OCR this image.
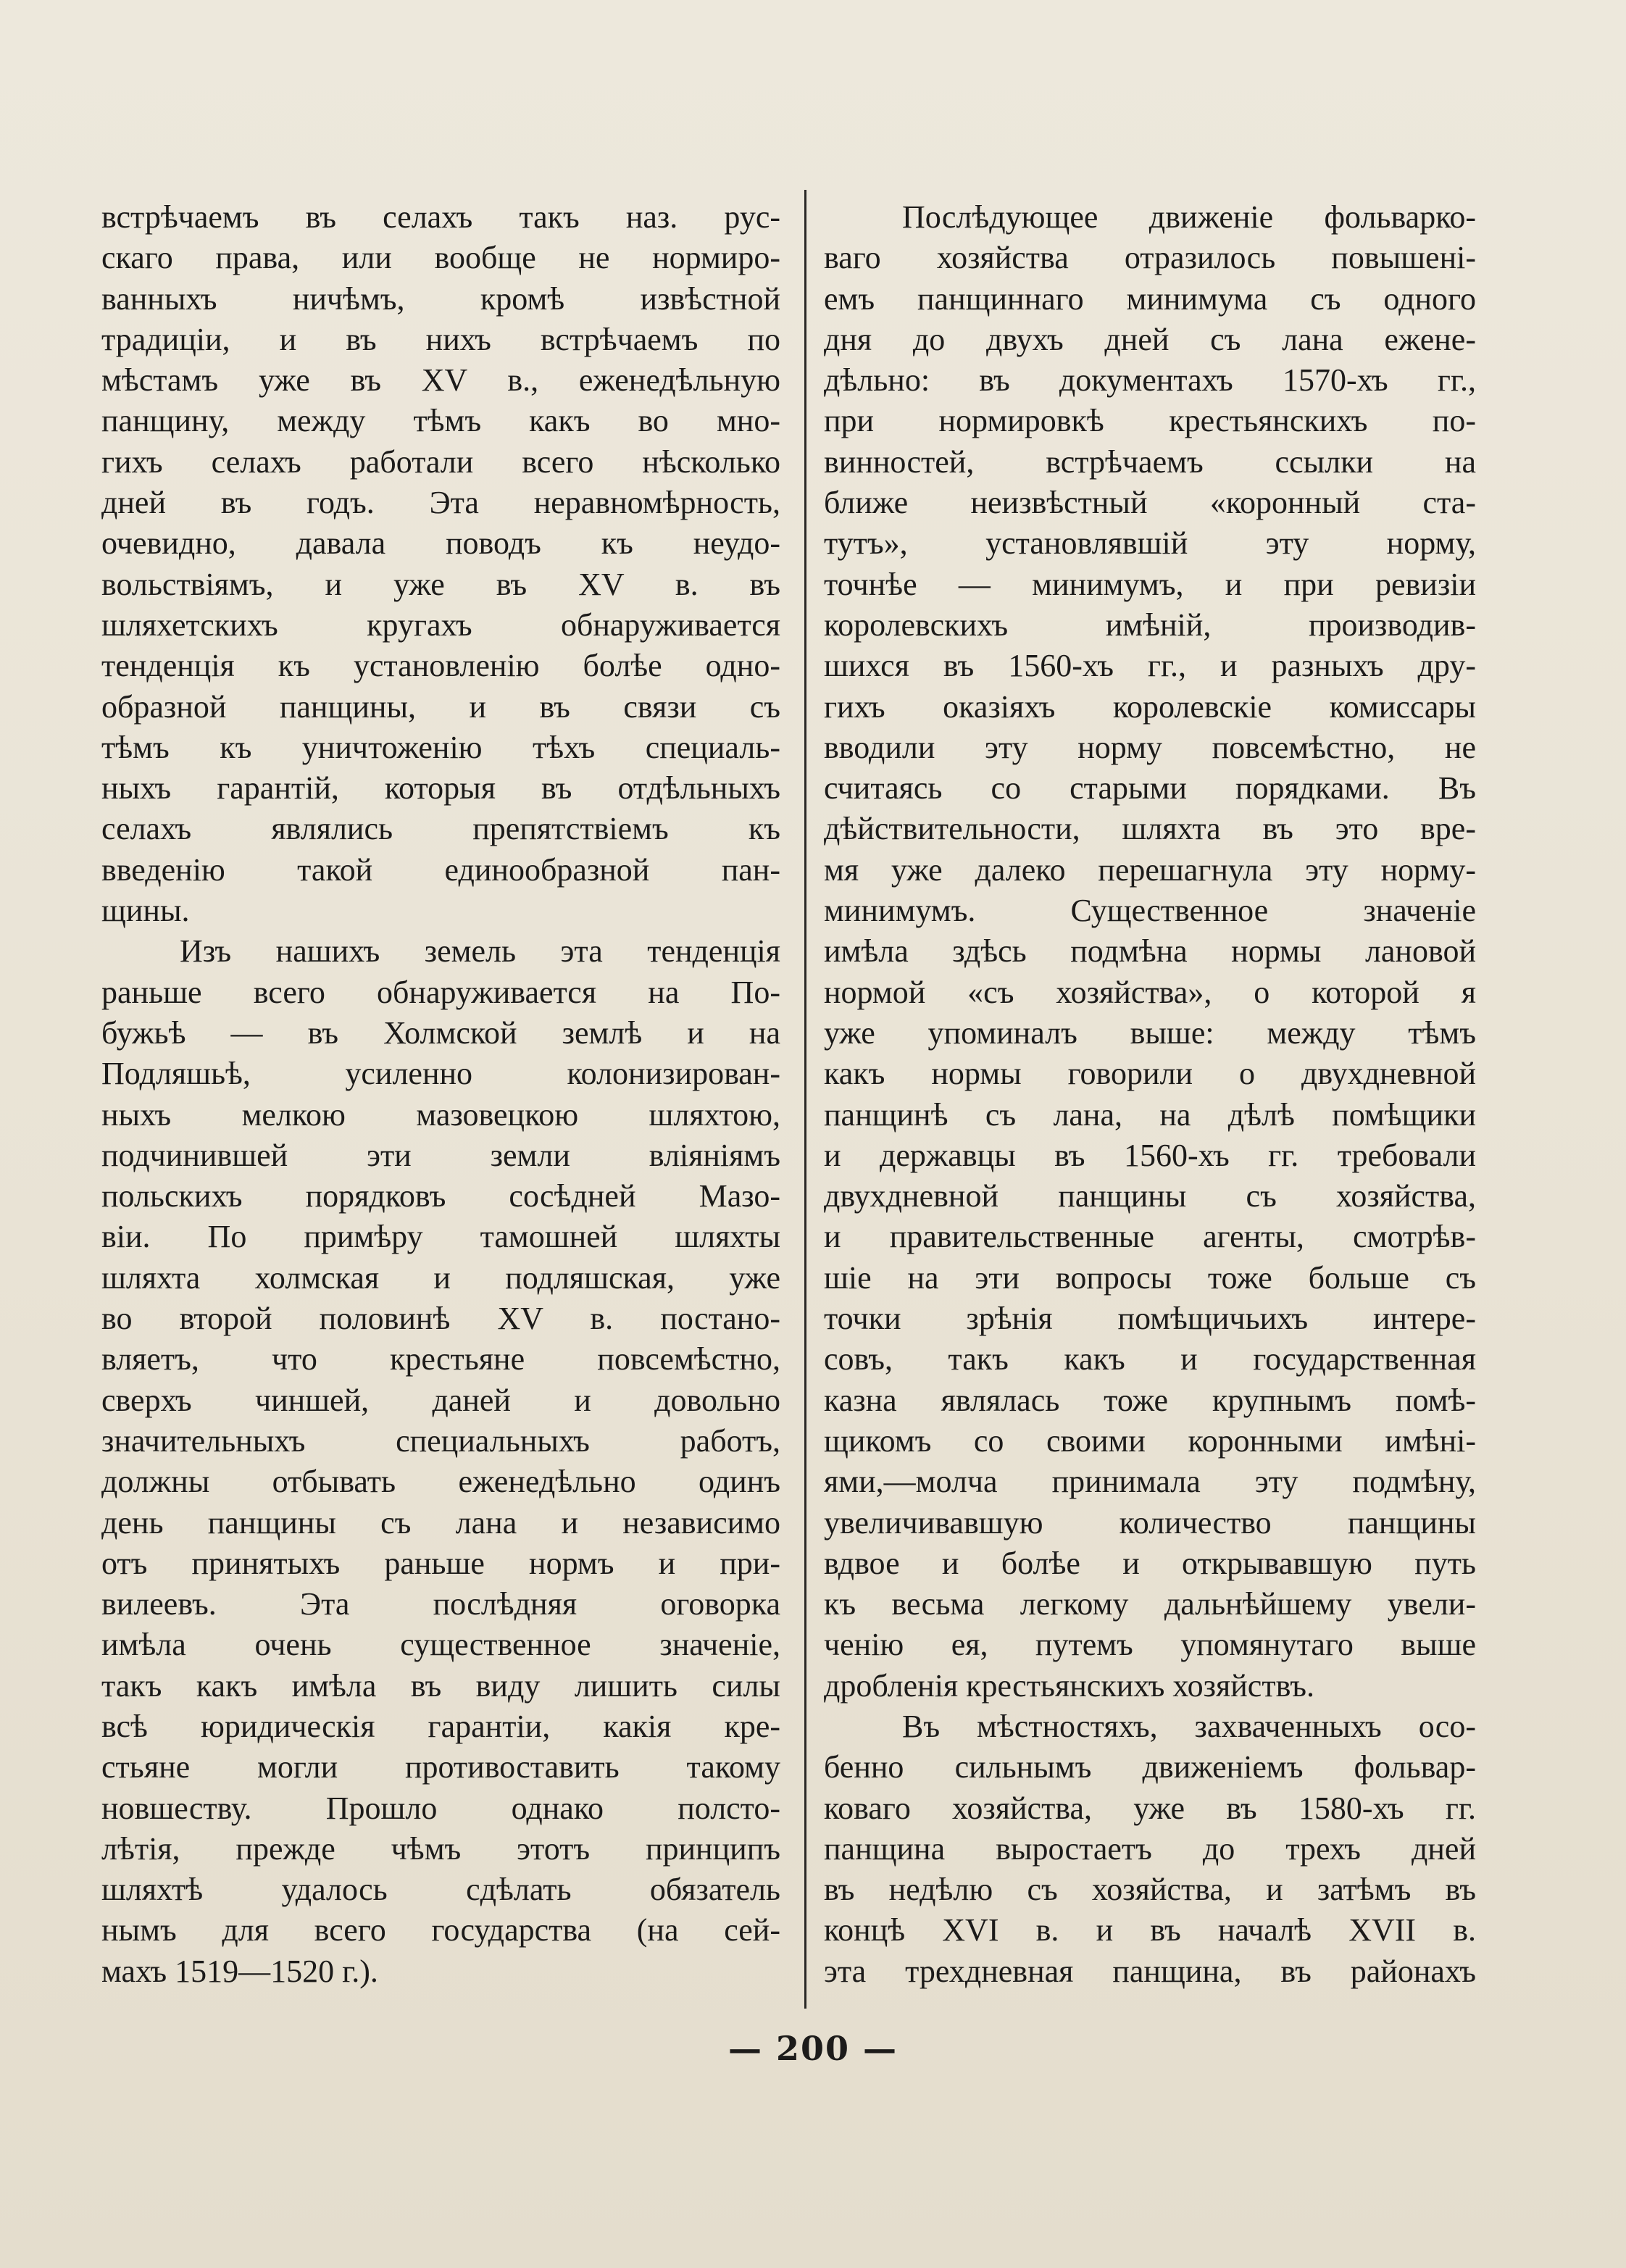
встрѣчаемъ въ селахъ такъ наз. рус-
скаго права, или вообще не нормиро-
ванныхъ ничѣмъ, кромѣ извѣстной
традиціи, и въ нихъ встрѣчаемъ по
мѣстамъ уже въ XV в., еженедѣльную
панщину, между тѣмъ какъ во мно-
гихъ селахъ работали всего нѣсколько
дней въ годъ. Эта неравномѣрность,
очевидно, давала поводъ къ неудо-
вольствіямъ, и уже въ XV в. въ
шляхетскихъ кругахъ обнаруживается
тенденція къ установленію болѣе одно-
образной панщины, и въ связи съ
тѣмъ къ уничтоженію тѣхъ специаль-
ныхъ гарантій, которыя въ отдѣльныхъ
селахъ являлись препятствіемъ къ
введенію такой единообразной пан-
щины.
Изъ нашихъ земель эта тенденція
раньше всего обнаруживается на По-
бужьѣ — въ Холмской землѣ и на
Подляшьѣ, усиленно колонизирован-
ныхъ мелкою мазовецкою шляхтою,
подчинившей эти земли вліяніямъ
польскихъ порядковъ сосѣдней Мазо-
віи. По примѣру тамошней шляхты
шляхта холмская и подляшская, уже
во второй половинѣ XV в. постано-
вляетъ, что крестьяне повсемѣстно,
сверхъ чиншей, даней и довольно
значительныхъ специальныхъ работъ,
должны отбывать еженедѣльно одинъ
день панщины съ лана и независимо
отъ принятыхъ раньше нормъ и при-
вилеевъ. Эта послѣдняя оговорка
имѣла очень существенное значеніе,
такъ какъ имѣла въ виду лишить силы
всѣ юридическія гарантіи, какія кре-
стьяне могли противоставить такому
новшеству. Прошло однако полсто-
лѣтія, прежде чѣмъ этотъ принципъ
шляхтѣ удалось сдѣлать обязатель
нымъ для всего государства (на сей-
махъ 1519—1520 г.).
Послѣдующее движеніе фольварко-
ваго хозяйства отразилось повышені-
емъ панщиннаго минимума съ одного
дня до двухъ дней съ лана еженe-
дѣльно: въ документахъ 1570-хъ гг.,
при нормировкѣ крестьянскихъ по-
винностей, встрѣчаемъ ссылки на
ближе неизвѣстный «коронный ста-
тутъ», установлявшій эту норму,
точнѣе — минимумъ, и при ревизіи
королевскихъ имѣній, производив-
шихся въ 1560-хъ гг., и разныхъ дру-
гихъ оказіяхъ королевскіе комиссары
вводили эту норму повсемѣстно, не
считаясь со старыми порядками. Въ
дѣйствительности, шляхта въ это вре-
мя уже далеко перешагнула эту норму-
минимумъ. Существенное значеніе
имѣла здѣсь подмѣна нормы лановой
нормой «съ хозяйства», о которой я
уже упоминалъ выше: между тѣмъ
какъ нормы говорили о двухдневной
панщинѣ съ лана, на дѣлѣ помѣщики
и державцы въ 1560-хъ гг. требовали
двухдневной панщины съ хозяйства,
и правительственные агенты, смотрѣв-
шіе на эти вопросы тоже больше съ
точки зрѣнія помѣщичьихъ интере-
совъ, такъ какъ и государственная
казна являлась тоже крупнымъ помѣ-
щикомъ со своими коронными имѣні-
ями,—молча принимала эту подмѣну,
увеличивавшую количество панщины
вдвое и болѣе и открывавшую путь
къ весьма легкому дальнѣйшему увели-
ченію ея, путемъ упомянутаго выше
дробленія крестьянскихъ хозяйствъ.
Въ мѣстностяхъ, захваченныхъ осо-
бенно сильнымъ движеніемъ фольвар-
коваго хозяйства, уже въ 1580-хъ гг.
панщина выростаетъ до трехъ дней
въ недѣлю съ хозяйства, и затѣмъ въ
концѣ XVI в. и въ началѣ XVII в.
эта трехдневная панщина, въ районахъ
— 200 —
